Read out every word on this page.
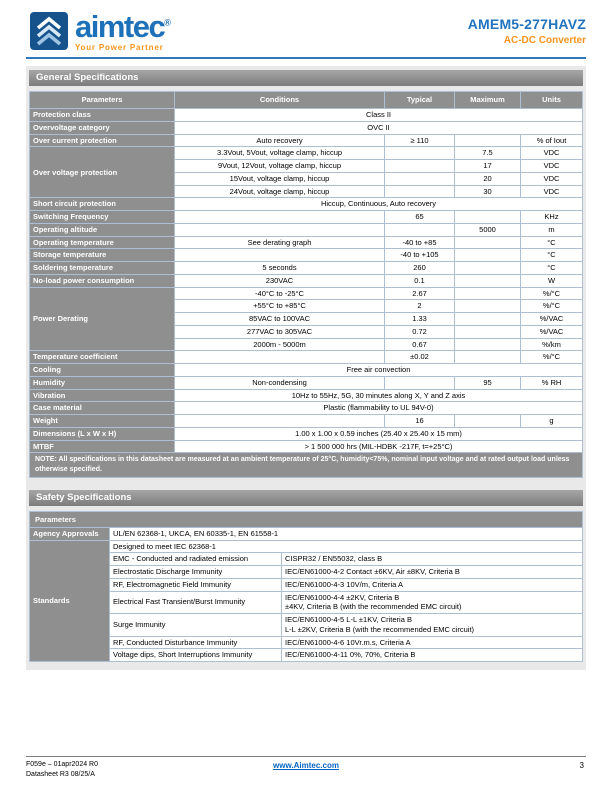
aimtec®
Your Power Partner
AMEM5-277HAVZ
AC-DC Converter
General Specifications
Parameters	Conditions	Typical	Maximum	Units
Protection class	Class II			
Overvoltage category	OVC II			
Over current protection	Auto recovery	≥ 110		% of Iout
Over voltage protection	3.3Vout, 5Vout, voltage clamp, hiccup		7.5	VDC
	9Vout, 12Vout, voltage clamp, hiccup		17	VDC
	15Vout, voltage clamp, hiccup		20	VDC
	24Vout, voltage clamp, hiccup		30	VDC
Short circuit protection	Hiccup, Continuous, Auto recovery			
Switching Frequency		65		KHz
Operating altitude			5000	m
Operating temperature	See derating graph	-40 to +85		°C
Storage temperature		-40 to +105		°C
Soldering temperature	5 seconds	260		°C
No-load power consumption	230VAC	0.1		W
Power Derating	-40°C to -25°C	2.67		%/°C
	+55°C to +85°C	2		%/°C
	85VAC to 100VAC	1.33		%/VAC
	277VAC to 305VAC	0.72		%/VAC
	2000m - 5000m	0.67		%/km
Temperature coefficient		±0.02		%/°C
Cooling	Free air convection			
Humidity	Non-condensing		95	% RH
Vibration	10Hz to 55Hz, 5G, 30 minutes along X, Y and Z axis			
Case material	Plastic (flammability to UL 94V-0)			
Weight		16		g
Dimensions (L x W x H)	1.00 x 1.00 x 0.59 inches (25.40 x 25.40 x 15 mm)			
MTBF	> 1 500 000 hrs (MIL-HDBK -217F, t=+25°C)			
NOTE: All specifications in this datasheet are measured at an ambient temperature of 25°C, humidity<75%, nominal input voltage and at rated output load unless otherwise specified.				
Safety Specifications
Parameters		
Agency Approvals	UL/EN 62368-1, UKCA, EN 60335-1, EN 61558-1	
Standards	Designed to meet IEC 62368-1	
	EMC - Conducted and radiated emission	CISPR32 / EN55032, class B
	Electrostatic Discharge Immunity	IEC/EN61000-4-2 Contact ±6KV, Air ±8KV, Criteria B
	RF, Electromagnetic Field Immunity	IEC/EN61000-4-3 10V/m, Criteria A
	Electrical Fast Transient/Burst Immunity	IEC/EN61000-4-4 ±2KV, Criteria B
±4KV, Criteria B (with the recommended EMC circuit)

	Surge Immunity	IEC/EN61000-4-5 L-L ±1KV, Criteria B
L-L ±2KV, Criteria B (with the recommended EMC circuit)

	RF, Conducted Disturbance Immunity	IEC/EN61000-4-6 10Vr.m.s, Criteria A
	Voltage dips, Short Interruptions Immunity	IEC/EN61000-4-11 0%, 70%, Criteria B
F059e – 01apr2024 R0
Datasheet R3 08/25/A
www.Aimtec.com	3
